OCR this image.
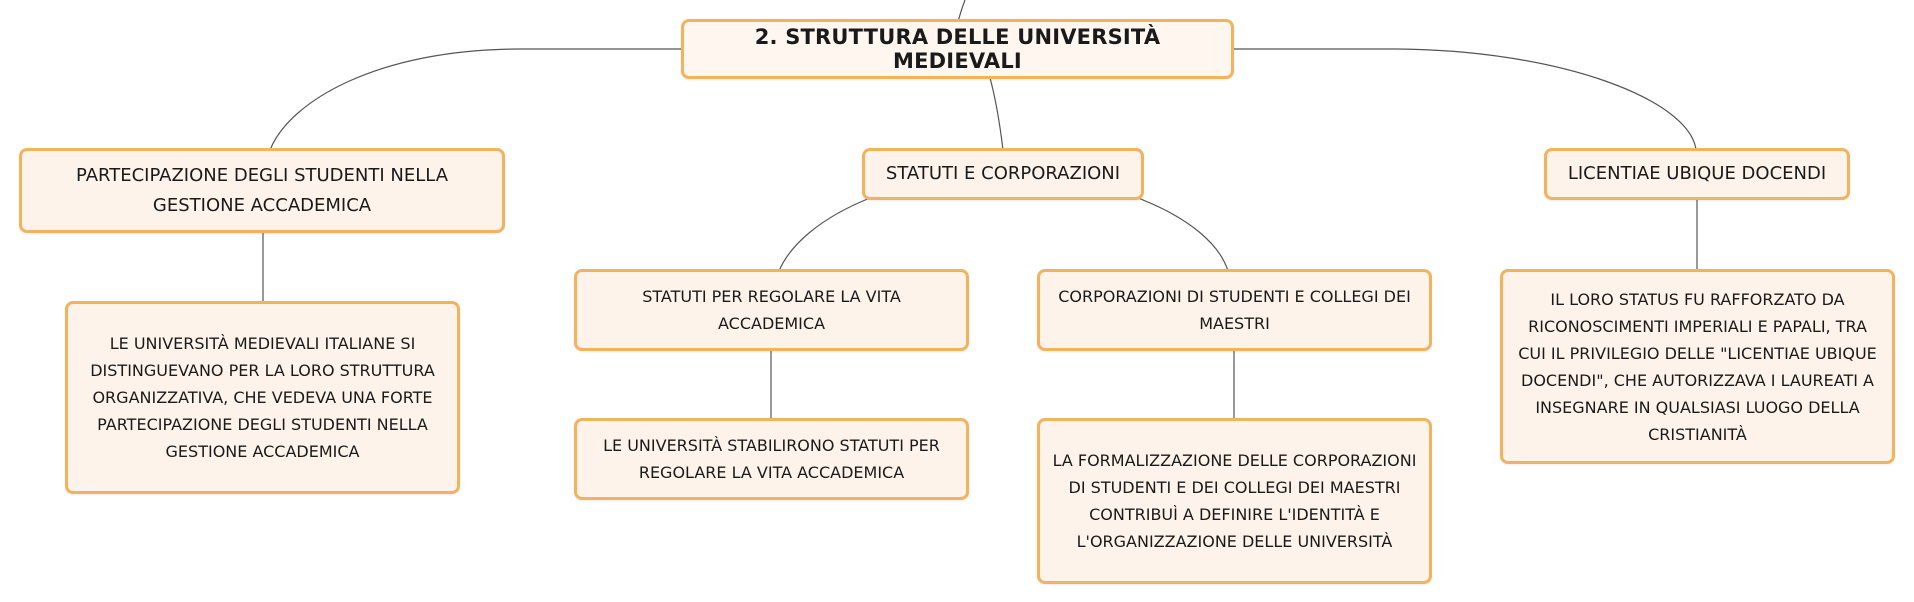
2. STRUTTURA DELLE UNIVERSITÀ MEDIEVALI
PARTECIPAZIONE DEGLI STUDENTI NELLA GESTIONE ACCADEMICA
STATUTI E CORPORAZIONI	LICENTIAE UBIQUE DOCENDI
LE UNIVERSITÀ MEDIEVALI ITALIANE SI DISTINGUEVANO PER LA LORO STRUTTURA ORGANIZZATIVA, CHE VEDEVA UNA FORTE PARTECIPAZIONE DEGLI STUDENTI NELLA GESTIONE ACCADEMICA
STATUTI PER REGOLARE LA VITA ACCADEMICA
CORPORAZIONI DI STUDENTI E COLLEGI DEI MAESTRI
IL LORO STATUS FU RAFFORZATO DA RICONOSCIMENTI IMPERIALI E PAPALI, TRA CUI IL PRIVILEGIO DELLE "LICENTIAE UBIQUE DOCENDI", CHE AUTORIZZAVA I LAUREATI A INSEGNARE IN QUALSIASI LUOGO DELLA CRISTIANITÀ
LE UNIVERSITÀ STABILIRONO STATUTI PER REGOLARE LA VITA ACCADEMICA
LA FORMALIZZAZIONE DELLE CORPORAZIONI DI STUDENTI E DEI COLLEGI DEI MAESTRI CONTRIBUÌ A DEFINIRE L'IDENTITÀ E L'ORGANIZZAZIONE DELLE UNIVERSITÀ
